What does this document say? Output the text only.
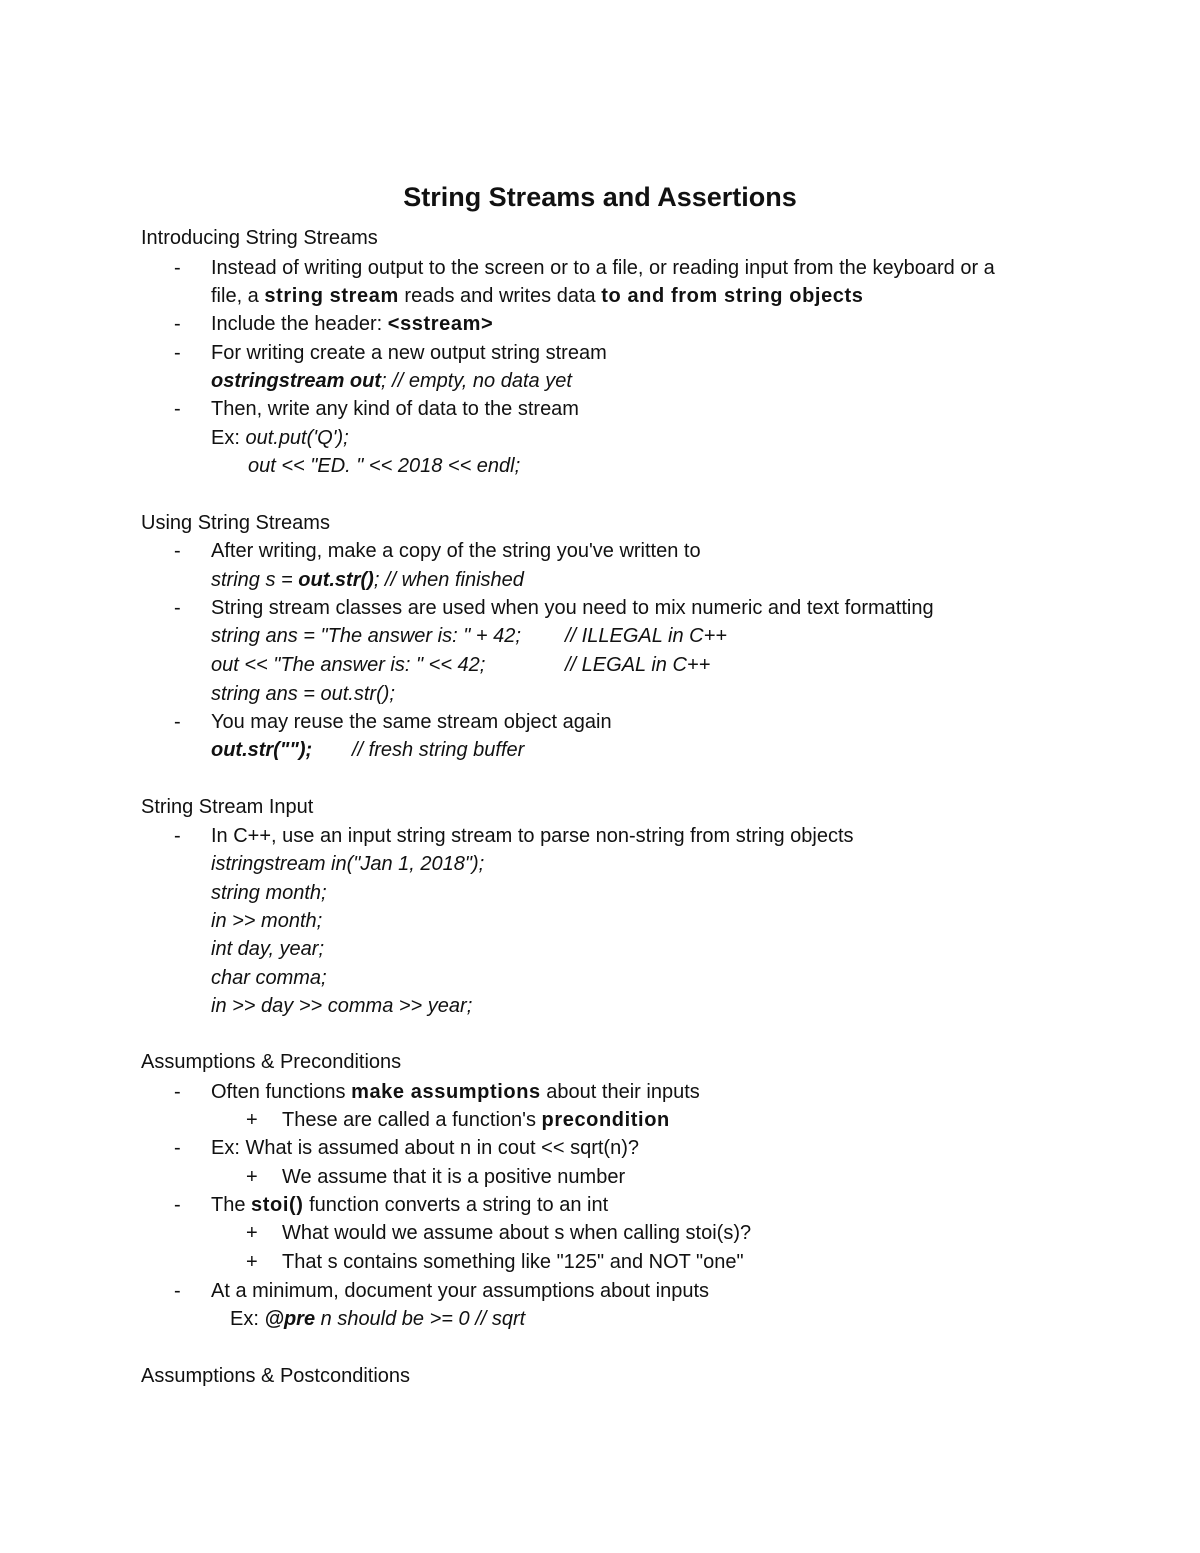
String Streams and Assertions
Introducing String Streams
- Instead of writing output to the screen or to a file, or reading input from the keyboard or a
file, a string stream reads and writes data to and from string objects
- Include the header: <sstream>
- For writing create a new output string stream
ostringstream out; // empty, no data yet
- Then, write any kind of data to the stream
Ex: out.put('Q');
out << "ED. " << 2018 << endl;
Using String Streams
- After writing, make a copy of the string you've written to
string s = out.str(); // when finished
- String stream classes are used when you need to mix numeric and text formatting
string ans = "The answer is: " + 42; // ILLEGAL in C++
out << "The answer is: " << 42;	// LEGAL in C++
string ans = out.str();
- You may reuse the same stream object again
out.str(""); // fresh string buffer
String Stream Input
- In C++, use an input string stream to parse non-string from string objects
istringstream in("Jan 1, 2018");
string month;
in >> month;
int day, year;
char comma;
in >> day >> comma >> year;
Assumptions & Preconditions
- Often functions make assumptions about their inputs
+ These are called a function's precondition
- Ex: What is assumed about n in cout << sqrt(n)?
+ We assume that it is a positive number
- The stoi() function converts a string to an int
+ What would we assume about s when calling stoi(s)?
+ That s contains something like "125" and NOT "one"
- At a minimum, document your assumptions about inputs
Ex: @pre n should be >= 0 // sqrt
Assumptions & Postconditions
